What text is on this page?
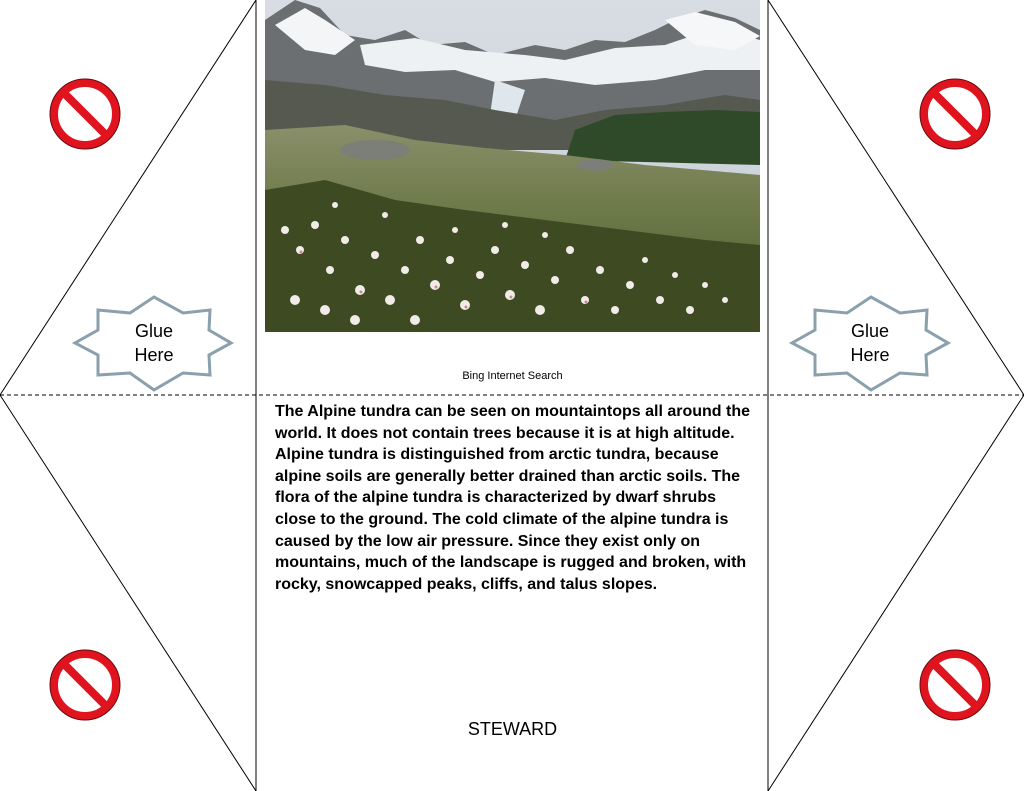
Bing Internet Search
The Alpine tundra can be seen on mountaintops all around the world. It does not contain trees because it is at high altitude. Alpine tundra is distinguished from arctic tundra, because alpine soils are generally better drained than arctic soils. The flora of the alpine tundra is characterized by dwarf shrubs close to the ground. The cold climate of the alpine tundra is caused by the low air pressure. Since they exist only on mountains, much of the landscape is rugged and broken, with rocky, snowcapped peaks, cliffs, and talus slopes.
STEWARD
Glue
Here
Glue
Here
